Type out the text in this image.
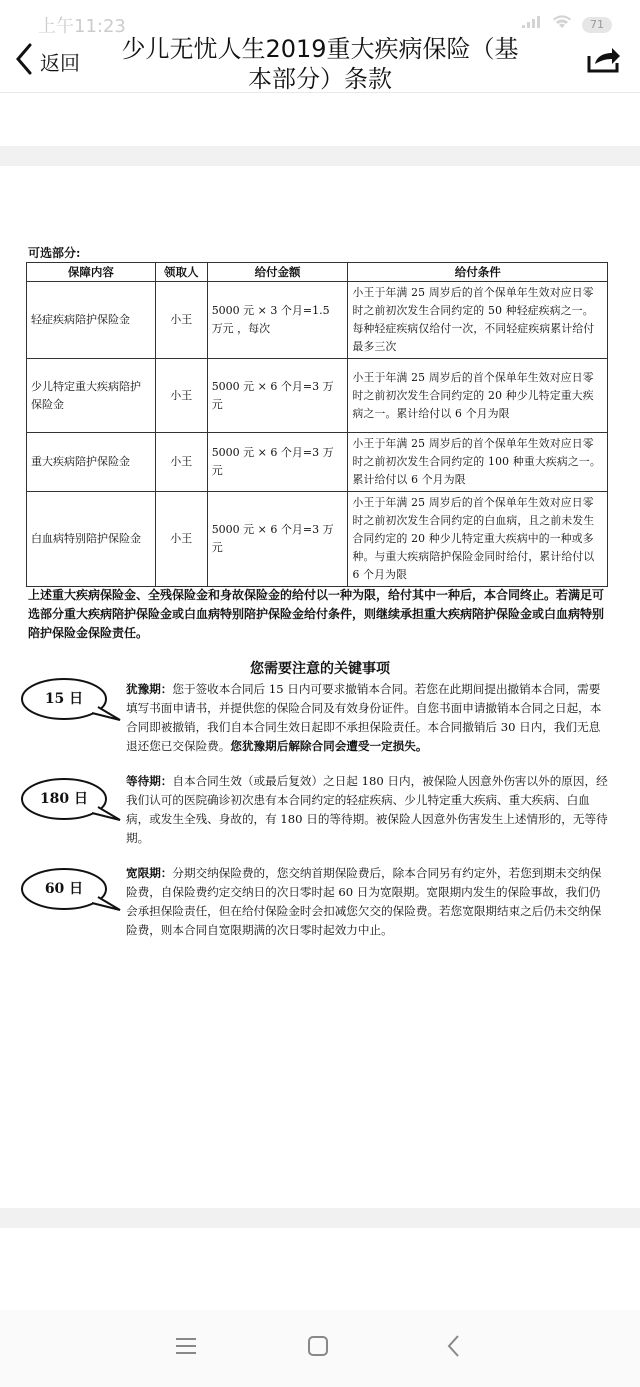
上午11:23	71
返回	少儿无忧人生2019重大疾病保险（基
本部分）条款
可选部分:
保障内容	领取人	给付金额	给付条件
轻症疾病陪护保险金	小王	5000 元 × 3 个月=1.5 万元 ，每次	小王于年满 25 周岁后的首个保单年生效对应日零时之前初次发生合同约定的 50 种轻症疾病之一。每种轻症疾病仅给付一次，不同轻症疾病累计给付最多三次
少儿特定重大疾病陪护保险金	小王	5000 元 × 6 个月=3 万元	小王于年满 25 周岁后的首个保单年生效对应日零时之前初次发生合同约定的 20 种少儿特定重大疾病之一。累计给付以 6 个月为限
重大疾病陪护保险金	小王	5000 元 × 6 个月=3 万元	小王于年满 25 周岁后的首个保单年生效对应日零时之前初次发生合同约定的 100 种重大疾病之一。累计给付以 6 个月为限
白血病特别陪护保险金	小王	5000 元 × 6 个月=3 万元	小王于年满 25 周岁后的首个保单年生效对应日零时之前初次发生合同约定的白血病，且之前未发生合同约定的 20 种少儿特定重大疾病中的一种或多种。与重大疾病陪护保险金同时给付，累计给付以 6 个月为限
上述重大疾病保险金、全残保险金和身故保险金的给付以一种为限，给付其中一种后，本合同终止。若满足可选部分重大疾病陪护保险金或白血病特别陪护保险金给付条件，则继续承担重大疾病陪护保险金或白血病特别陪护保险金保险责任。
您需要注意的关键事项
15 日
犹豫期：您于签收本合同后 15 日内可要求撤销本合同。若您在此期间提出撤销本合同，需要填写书面申请书，并提供您的保险合同及有效身份证件。自您书面申请撤销本合同之日起，本合同即被撤销，我们自本合同生效日起即不承担保险责任。本合同撤销后 30 日内，我们无息退还您已交保险费。您犹豫期后解除合同会遭受一定损失。
180 日
等待期：自本合同生效（或最后复效）之日起 180 日内，被保险人因意外伤害以外的原因，经我们认可的医院确诊初次患有本合同约定的轻症疾病、少儿特定重大疾病、重大疾病、白血病，或发生全残、身故的，有 180 日的等待期。被保险人因意外伤害发生上述情形的，无等待期。
60 日
宽限期：分期交纳保险费的，您交纳首期保险费后，除本合同另有约定外，若您到期未交纳保险费，自保险费约定交纳日的次日零时起 60 日为宽限期。宽限期内发生的保险事故，我们仍会承担保险责任，但在给付保险金时会扣减您欠交的保险费。若您宽限期结束之后仍未交纳保险费，则本合同自宽限期满的次日零时起效力中止。
